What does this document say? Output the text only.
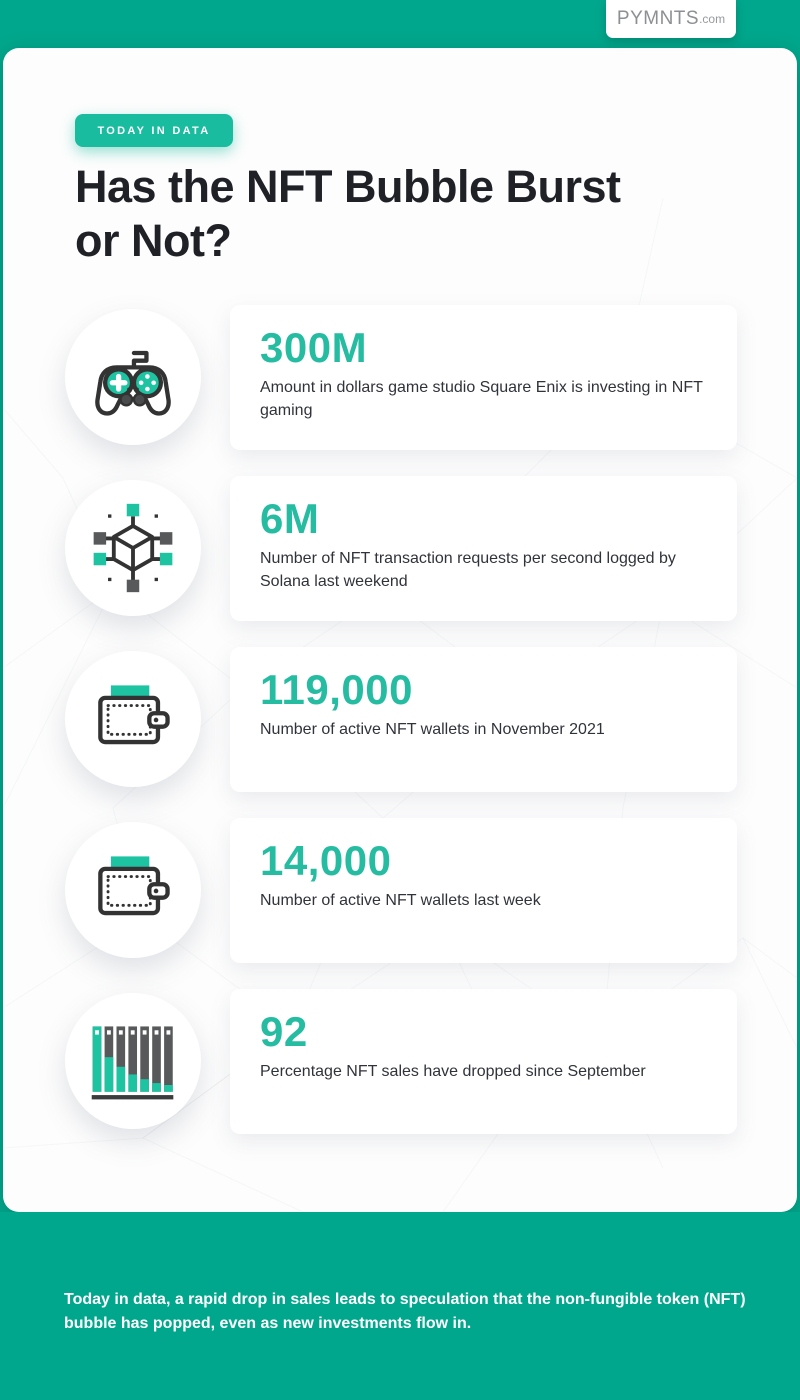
PYMNTS .com
TODAY IN DATA
Has the NFT Bubble Burst
or Not?
300M
Amount in dollars game studio Square Enix is investing in NFT gaming
6M
Number of NFT transaction requests per second logged by Solana last weekend
119,000
Number of active NFT wallets in November 2021
14,000
Number of active NFT wallets last week
92
Percentage NFT sales have dropped since September

Today in data, a rapid drop in sales leads to speculation that the non-fungible token (NFT) bubble has popped, even as new investments flow in.
